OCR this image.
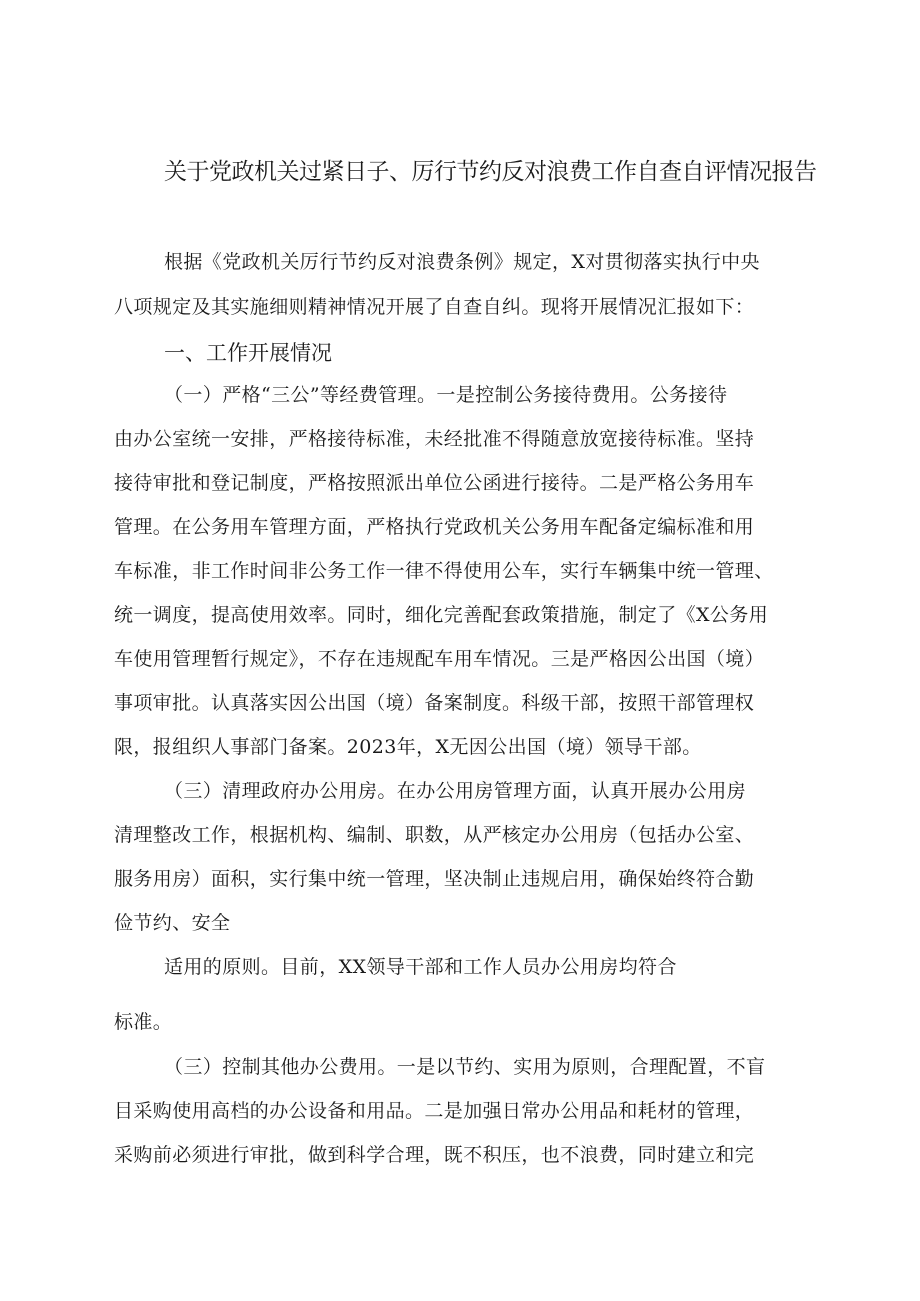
关于党政机关过紧日子、厉行节约反对浪费工作自查自评情况报告
根据《党政机关厉行节约反对浪费条例》规定，X对贯彻落实执行中央
八项规定及其实施细则精神情况开展了自查自纠。现将开展情况汇报如下：
一、工作开展情况
（一）严格“三公”等经费管理。一是控制公务接待费用。公务接待
由办公室统一安排，严格接待标准，未经批准不得随意放宽接待标准。坚持
接待审批和登记制度，严格按照派出单位公函进行接待。二是严格公务用车
管理。在公务用车管理方面，严格执行党政机关公务用车配备定编标准和用
车标准，非工作时间非公务工作一律不得使用公车，实行车辆集中统一管理、
统一调度，提高使用效率。同时，细化完善配套政策措施，制定了《X公务用
车使用管理暂行规定》，不存在违规配车用车情况。三是严格因公出国（境）
事项审批。认真落实因公出国（境）备案制度。科级干部，按照干部管理权
限，报组织人事部门备案。2023年，X无因公出国（境）领导干部。
（三）清理政府办公用房。在办公用房管理方面，认真开展办公用房
清理整改工作，根据机构、编制、职数，从严核定办公用房（包括办公室、
服务用房）面积，实行集中统一管理，坚决制止违规启用，确保始终符合勤
俭节约、安全
适用的原则。目前，XX领导干部和工作人员办公用房均符合
标准。
（三）控制其他办公费用。一是以节约、实用为原则，合理配置，不盲
目采购使用高档的办公设备和用品。二是加强日常办公用品和耗材的管理，
采购前必须进行审批，做到科学合理，既不积压，也不浪费，同时建立和完
